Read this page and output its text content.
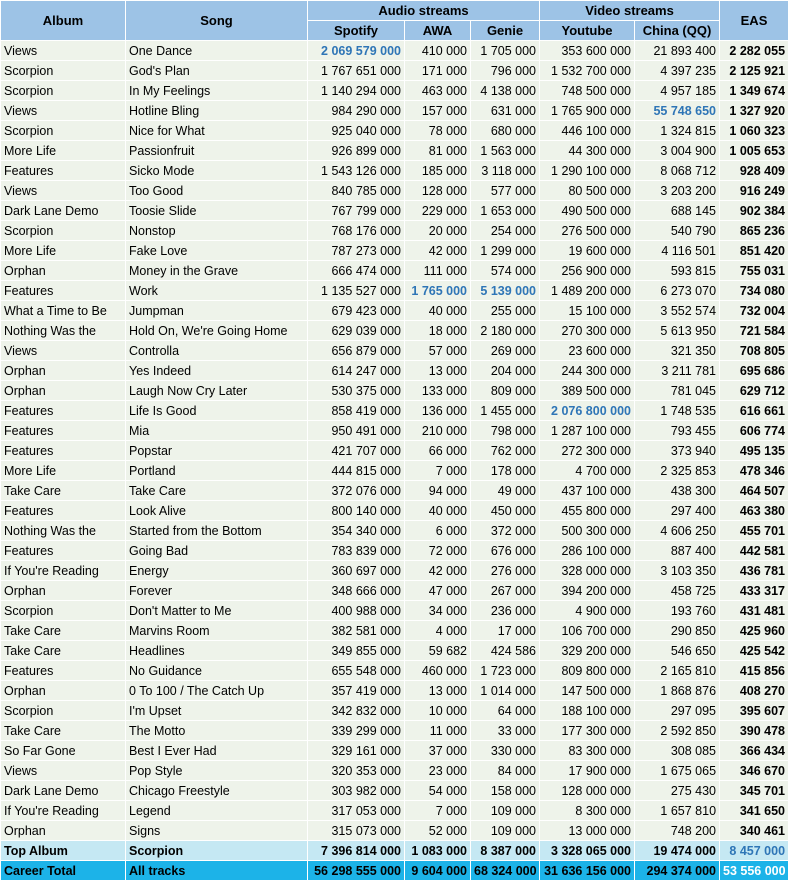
Album	Song	Audio streams			Video streams		EAS
		Spotify	AWA	Genie	Youtube	China (QQ)	
Views	One Dance	2 069 579 000	410 000	1 705 000	353 600 000	21 893 400	2 282 055
Scorpion	God's Plan	1 767 651 000	171 000	796 000	1 532 700 000	4 397 235	2 125 921
Scorpion	In My Feelings	1 140 294 000	463 000	4 138 000	748 500 000	4 957 185	1 349 674
Views	Hotline Bling	984 290 000	157 000	631 000	1 765 900 000	55 748 650	1 327 920
Scorpion	Nice for What	925 040 000	78 000	680 000	446 100 000	1 324 815	1 060 323
More Life	Passionfruit	926 899 000	81 000	1 563 000	44 300 000	3 004 900	1 005 653
Features	Sicko Mode	1 543 126 000	185 000	3 118 000	1 290 100 000	8 068 712	928 409
Views	Too Good	840 785 000	128 000	577 000	80 500 000	3 203 200	916 249
Dark Lane Demo	Toosie Slide	767 799 000	229 000	1 653 000	490 500 000	688 145	902 384
Scorpion	Nonstop	768 176 000	20 000	254 000	276 500 000	540 790	865 236
More Life	Fake Love	787 273 000	42 000	1 299 000	19 600 000	4 116 501	851 420
Orphan	Money in the Grave	666 474 000	111 000	574 000	256 900 000	593 815	755 031
Features	Work	1 135 527 000	1 765 000	5 139 000	1 489 200 000	6 273 070	734 080
What a Time to Be	Jumpman	679 423 000	40 000	255 000	15 100 000	3 552 574	732 004
Nothing Was the	Hold On, We're Going Home	629 039 000	18 000	2 180 000	270 300 000	5 613 950	721 584
Views	Controlla	656 879 000	57 000	269 000	23 600 000	321 350	708 805
Orphan	Yes Indeed	614 247 000	13 000	204 000	244 300 000	3 211 781	695 686
Orphan	Laugh Now Cry Later	530 375 000	133 000	809 000	389 500 000	781 045	629 712
Features	Life Is Good	858 419 000	136 000	1 455 000	2 076 800 000	1 748 535	616 661
Features	Mia	950 491 000	210 000	798 000	1 287 100 000	793 455	606 774
Features	Popstar	421 707 000	66 000	762 000	272 300 000	373 940	495 135
More Life	Portland	444 815 000	7 000	178 000	4 700 000	2 325 853	478 346
Take Care	Take Care	372 076 000	94 000	49 000	437 100 000	438 300	464 507
Features	Look Alive	800 140 000	40 000	450 000	455 800 000	297 400	463 380
Nothing Was the	Started from the Bottom	354 340 000	6 000	372 000	500 300 000	4 606 250	455 701
Features	Going Bad	783 839 000	72 000	676 000	286 100 000	887 400	442 581
If You're Reading	Energy	360 697 000	42 000	276 000	328 000 000	3 103 350	436 781
Orphan	Forever	348 666 000	47 000	267 000	394 200 000	458 725	433 317
Scorpion	Don't Matter to Me	400 988 000	34 000	236 000	4 900 000	193 760	431 481
Take Care	Marvins Room	382 581 000	4 000	17 000	106 700 000	290 850	425 960
Take Care	Headlines	349 855 000	59 682	424 586	329 200 000	546 650	425 542
Features	No Guidance	655 548 000	460 000	1 723 000	809 800 000	2 165 810	415 856
Orphan	0 To 100 / The Catch Up	357 419 000	13 000	1 014 000	147 500 000	1 868 876	408 270
Scorpion	I'm Upset	342 832 000	10 000	64 000	188 100 000	297 095	395 607
Take Care	The Motto	339 299 000	11 000	33 000	177 300 000	2 592 850	390 478
So Far Gone	Best I Ever Had	329 161 000	37 000	330 000	83 300 000	308 085	366 434
Views	Pop Style	320 353 000	23 000	84 000	17 900 000	1 675 065	346 670
Dark Lane Demo	Chicago Freestyle	303 982 000	54 000	158 000	128 000 000	275 430	345 701
If You're Reading	Legend	317 053 000	7 000	109 000	8 300 000	1 657 810	341 650
Orphan	Signs	315 073 000	52 000	109 000	13 000 000	748 200	340 461
Top Album	Scorpion	7 396 814 000	1 083 000	8 387 000	3 328 065 000	19 474 000	8 457 000
Career Total	All tracks	56 298 555 000	9 604 000	68 324 000	31 636 156 000	294 374 000	53 556 000
